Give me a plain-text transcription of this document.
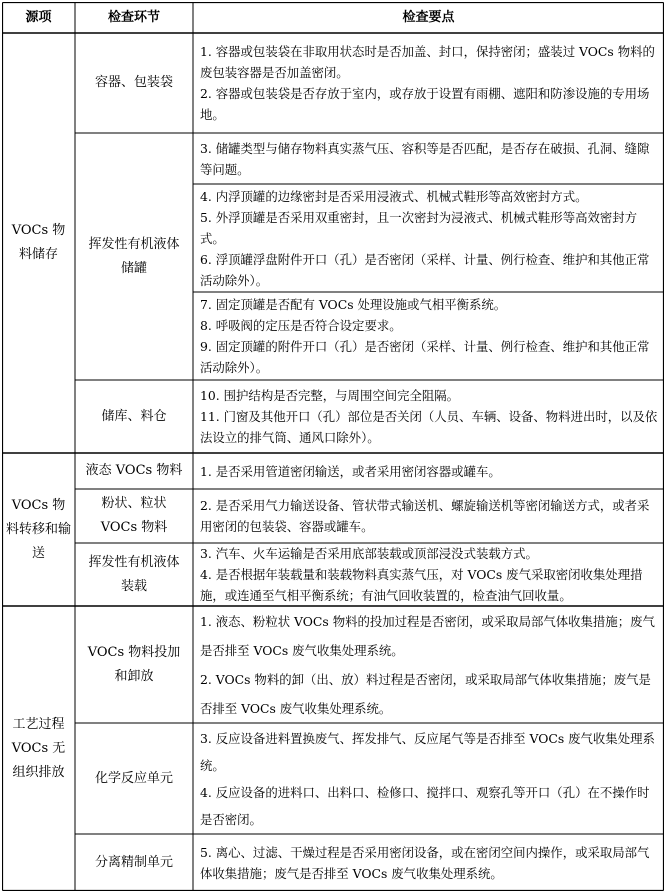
源项	检查环节	检查要点
VOCs 物料储存
VOCs 物料转移和输送
工艺过程 VOCs 无组织排放
容器、包装袋
挥发性有机液体储罐
储库、料仓
液态 VOCs 物料
粉状、粒状 VOCs 物料
挥发性有机液体装载
VOCs 物料投加和卸放
化学反应单元
分离精制单元
1. 容器或包装袋在非取用状态时是否加盖、封口，保持密闭；盛装过 VOCs 物料的废包装容器是否加盖密闭。
2. 容器或包装袋是否存放于室内，或存放于设置有雨棚、遮阳和防渗设施的专用场地。
3. 储罐类型与储存物料真实蒸气压、容积等是否匹配，是否存在破损、孔洞、缝隙等问题。
4. 内浮顶罐的边缘密封是否采用浸液式、机械式鞋形等高效密封方式。
5. 外浮顶罐是否采用双重密封，且一次密封为浸液式、机械式鞋形等高效密封方式。
6. 浮顶罐浮盘附件开口（孔）是否密闭（采样、计量、例行检查、维护和其他正常活动除外）。
7. 固定顶罐是否配有 VOCs 处理设施或气相平衡系统。
8. 呼吸阀的定压是否符合设定要求。
9. 固定顶罐的附件开口（孔）是否密闭（采样、计量、例行检查、维护和其他正常活动除外）。
10. 围护结构是否完整，与周围空间完全阻隔。
11. 门窗及其他开口（孔）部位是否关闭（人员、车辆、设备、物料进出时，以及依法设立的排气筒、通风口除外）。
1. 是否采用管道密闭输送，或者采用密闭容器或罐车。
2. 是否采用气力输送设备、管状带式输送机、螺旋输送机等密闭输送方式，或者采用密闭的包装袋、容器或罐车。
3. 汽车、火车运输是否采用底部装载或顶部浸没式装载方式。
4. 是否根据年装载量和装载物料真实蒸气压，对 VOCs 废气采取密闭收集处理措施，或连通至气相平衡系统；有油气回收装置的，检查油气回收量。
1. 液态、粉粒状 VOCs 物料的投加过程是否密闭，或采取局部气体收集措施；废气是否排至 VOCs 废气收集处理系统。
2. VOCs 物料的卸（出、放）料过程是否密闭，或采取局部气体收集措施；废气是否排至 VOCs 废气收集处理系统。
3. 反应设备进料置换废气、挥发排气、反应尾气等是否排至 VOCs 废气收集处理系统。
4. 反应设备的进料口、出料口、检修口、搅拌口、观察孔等开口（孔）在不操作时是否密闭。
5. 离心、过滤、干燥过程是否采用密闭设备，或在密闭空间内操作，或采取局部气体收集措施；废气是否排至 VOCs 废气收集处理系统。
